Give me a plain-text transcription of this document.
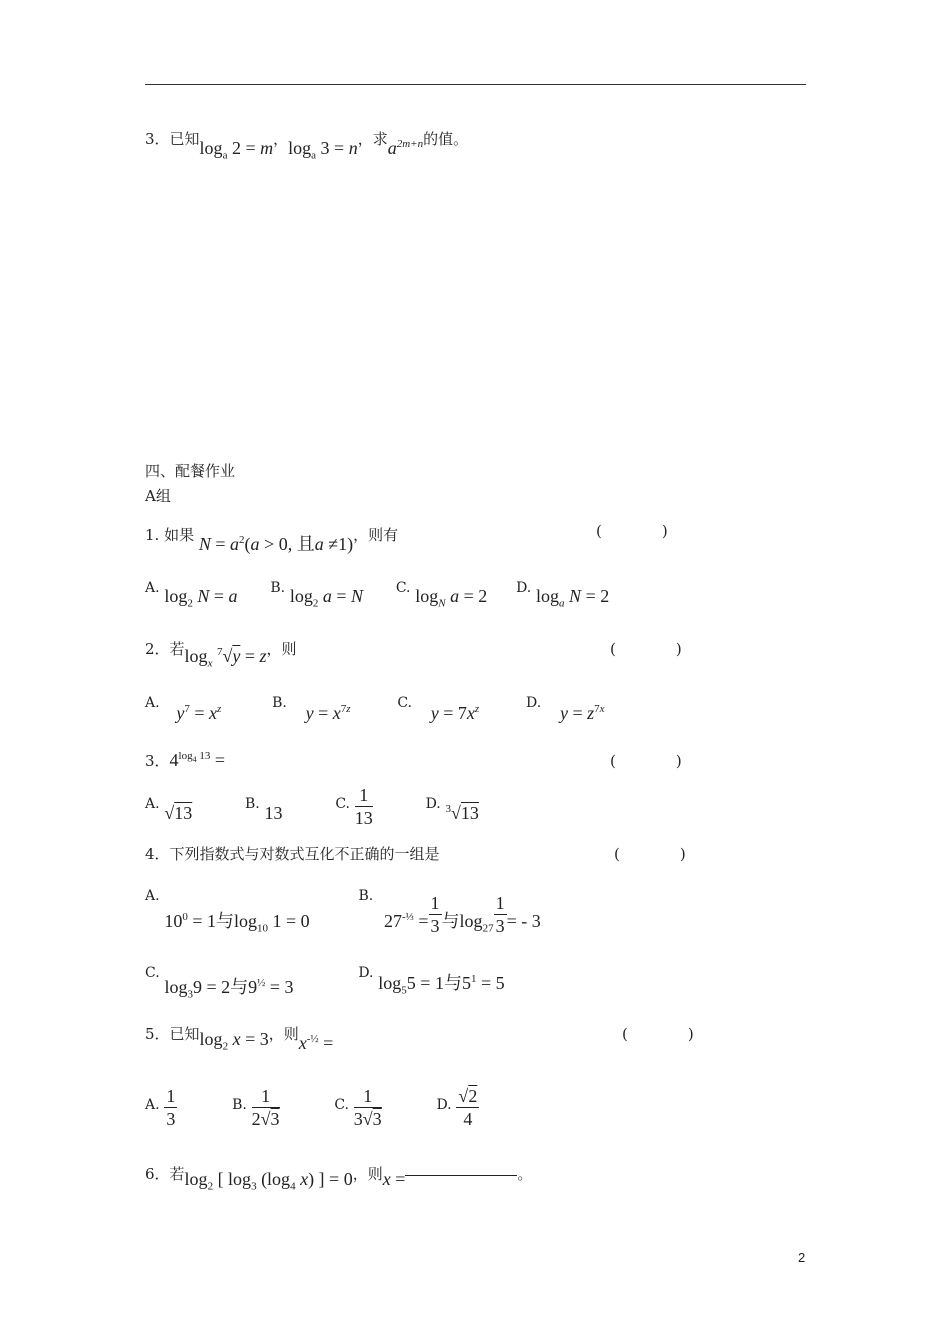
3．已知$\log_a 2 = m$，$\log_a 3 = n$，求$a^{2m+n}$的值。
四、配餐作业
A组
1. 如果 $N = a^2(a > 0$, 且a ≠1)，则有	(　　　　)
A. $\log_2 N = a$ B. $\log_2 a = N$ C. $\log_N a = 2$ D. $\log_a N = 2$
2．若$\log_x ^7√y = z$，则	(　　　　)
A. $y^7 = x^z$	B. $y = x^{7z}$	C. $y = 7x^z$	D. $y = z^{7x}$
3．$4^{log_4 13}$ =	(　　　　)
A. √13	B. 13	C. $\frac{1}{13}$	D. $^3$√13
4．下列指数式与对数式互化不正确的一组是	(　　　　)
A. $10^0 = 1$与$\log_{10} 1 = 0$ B. $27^{-\frac{1}{3}} = \frac{1}{3}$ 与$\log_{27} \frac{1}{3}$ = - 3
C. $\log_39 = 2$与$9^{\frac{1}{2}} = 3$ D. $\log_55 = 1$与$5^1 = 5$
5．已知$\log_2 x = 3$，则$x^{-\frac{1}{2}}$ =	(　　　　)
A. $\frac{1}{3}$	B. $\frac{1}{2√3}$	C. $\frac{1}{3√3}$	D. $\frac{√2}{4}$
6．若$\log_2$ [ $\log_3 (\log_4$ x) ] = 0，则x =	。
2
